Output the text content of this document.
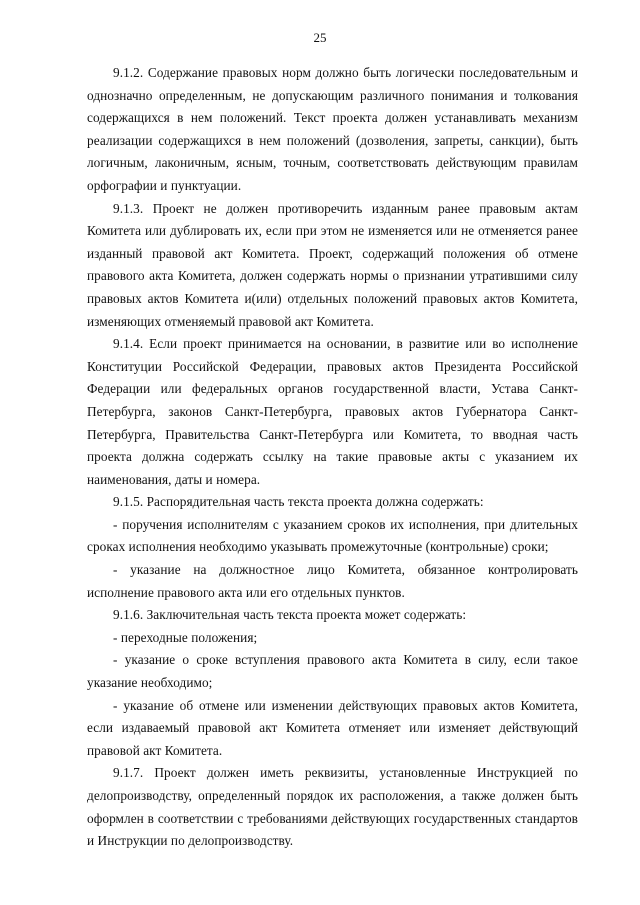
25

9.1.2. Содержание правовых норм должно быть логически последовательным и однозначно определенным, не допускающим различного понимания и толкования содержащихся в нем положений. Текст проекта должен устанавливать механизм реализации содержащихся в нем положений (дозволения, запреты, санкции), быть логичным, лаконичным, ясным, точным, соответствовать действующим правилам орфографии и пунктуации.

9.1.3. Проект не должен противоречить изданным ранее правовым актам Комитета или дублировать их, если при этом не изменяется или не отменяется ранее изданный правовой акт Комитета. Проект, содержащий положения об отмене правового акта Комитета, должен содержать нормы о признании утратившими силу правовых актов Комитета и(или) отдельных положений правовых актов Комитета, изменяющих отменяемый правовой акт Комитета.

9.1.4. Если проект принимается на основании, в развитие или во исполнение Конституции Российской Федерации, правовых актов Президента Российской Федерации или федеральных органов государственной власти, Устава Санкт-Петербурга, законов Санкт-Петербурга, правовых актов Губернатора Санкт-Петербурга, Правительства Санкт-Петербурга или Комитета, то вводная часть проекта должна содержать ссылку на такие правовые акты с указанием их наименования, даты и номера.

9.1.5. Распорядительная часть текста проекта должна содержать:

- поручения исполнителям с указанием сроков их исполнения, при длительных сроках исполнения необходимо указывать промежуточные (контрольные) сроки;

- указание на должностное лицо Комитета, обязанное контролировать исполнение правового акта или его отдельных пунктов.

9.1.6. Заключительная часть текста проекта может содержать:

- переходные положения;

- указание о сроке вступления правового акта Комитета в силу, если такое указание необходимо;

- указание об отмене или изменении действующих правовых актов Комитета, если издаваемый правовой акт Комитета отменяет или изменяет действующий правовой акт Комитета.

9.1.7. Проект должен иметь реквизиты, установленные Инструкцией по делопроизводству, определенный порядок их расположения, а также должен быть оформлен в соответствии с требованиями действующих государственных стандартов и Инструкции по делопроизводству.
